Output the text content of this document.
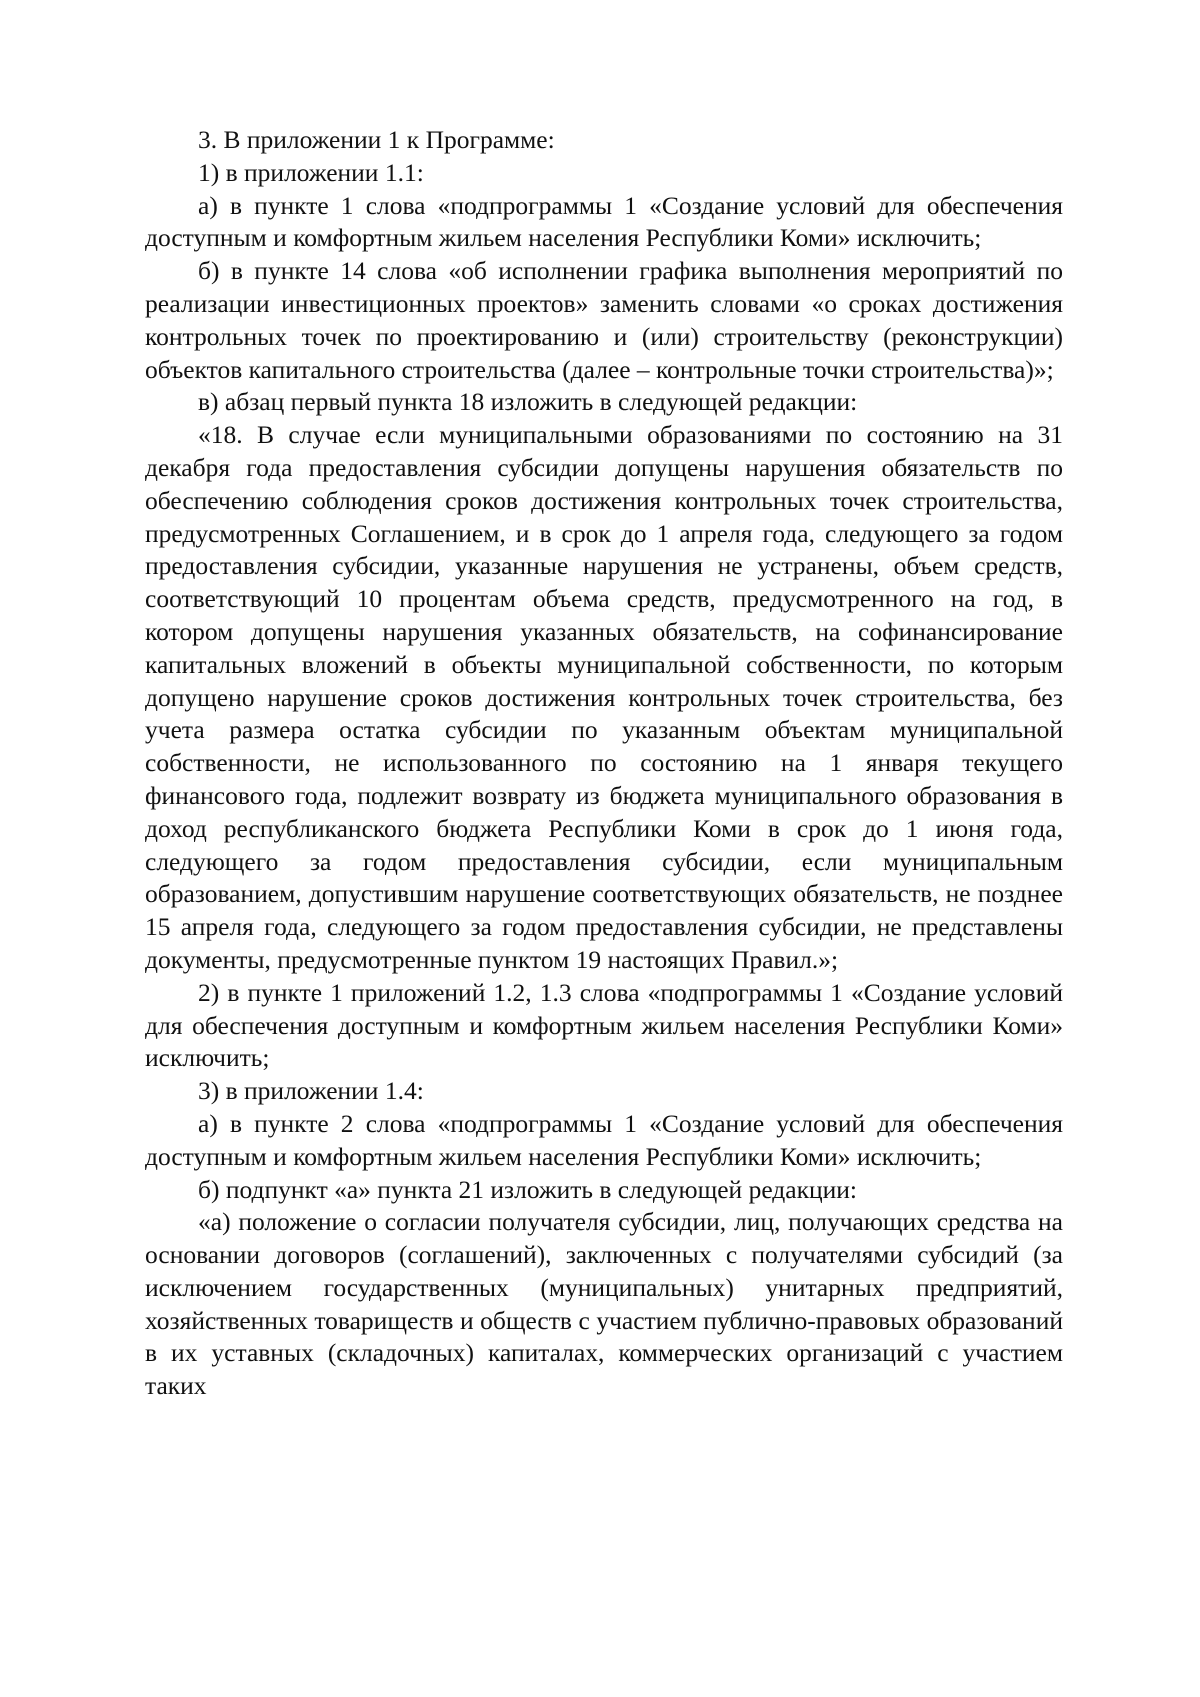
3. В приложении 1 к Программе:

1) в приложении 1.1:

а) в пункте 1 слова «подпрограммы 1 «Создание условий для обеспечения доступным и комфортным жильем населения Республики Коми» исключить;

б) в пункте 14 слова «об исполнении графика выполнения мероприятий по реализации инвестиционных проектов» заменить словами «о сроках достижения контрольных точек по проектированию и (или) строительству (реконструкции) объектов капитального строительства (далее – контрольные точки строительства)»;

в) абзац первый пункта 18 изложить в следующей редакции:

«18. В случае если муниципальными образованиями по состоянию на 31 декабря года предоставления субсидии допущены нарушения обязательств по обеспечению соблюдения сроков достижения контрольных точек строительства, предусмотренных Соглашением, и в срок до 1 апреля года, следующего за годом предоставления субсидии, указанные нарушения не устранены, объем средств, соответствующий 10 процентам объема средств, предусмотренного на год, в котором допущены нарушения указанных обязательств, на софинансирование капитальных вложений в объекты муниципальной собственности, по которым допущено нарушение сроков достижения контрольных точек строительства, без учета размера остатка субсидии по указанным объектам муниципальной собственности, не использованного по состоянию на 1 января текущего финансового года, подлежит возврату из бюджета муниципального образования в доход республиканского бюджета Республики Коми в срок до 1 июня года, следующего за годом предоставления субсидии, если муниципальным образованием, допустившим нарушение соответствующих обязательств, не позднее 15 апреля года, следующего за годом предоставления субсидии, не представлены документы, предусмотренные пунктом 19 настоящих Правил.»;

2) в пункте 1 приложений 1.2, 1.3 слова «подпрограммы 1 «Создание условий для обеспечения доступным и комфортным жильем населения Республики Коми» исключить;

3) в приложении 1.4:

а) в пункте 2 слова «подпрограммы 1 «Создание условий для обеспечения доступным и комфортным жильем населения Республики Коми» исключить;

б) подпункт «а» пункта 21 изложить в следующей редакции:

«а) положение о согласии получателя субсидии, лиц, получающих средства на основании договоров (соглашений), заключенных с получателями субсидий (за исключением государственных (муниципальных) унитарных предприятий, хозяйственных товариществ и обществ с участием публично-правовых образований в их уставных (складочных) капиталах, коммерческих организаций с участием таких
